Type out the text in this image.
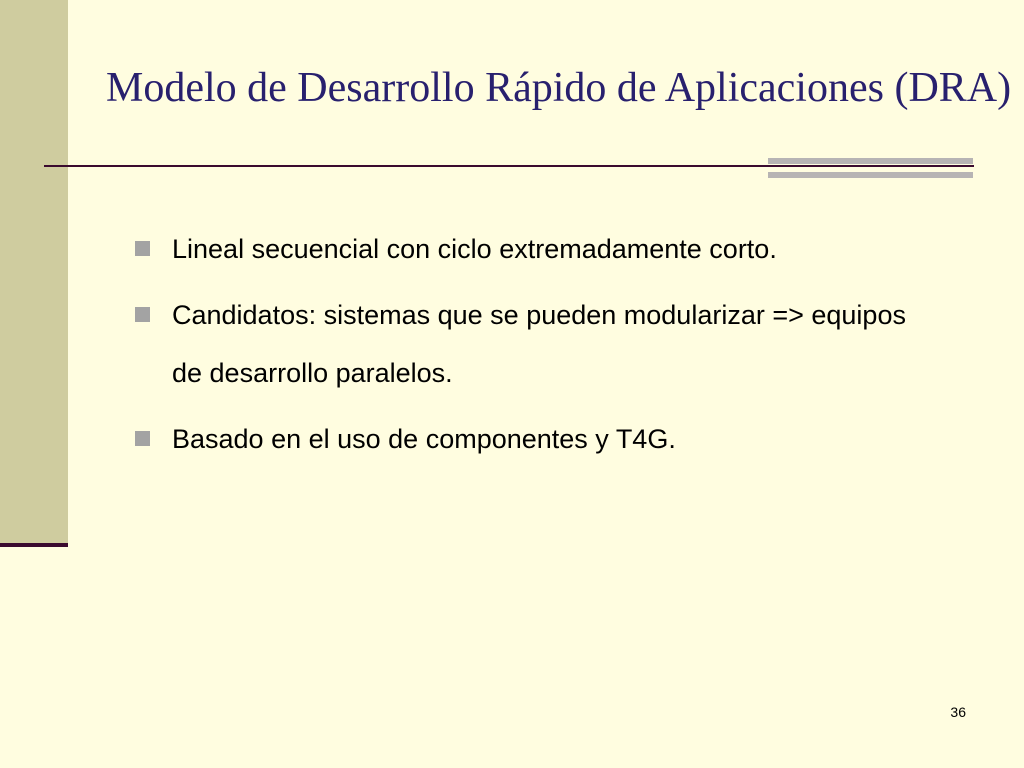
Modelo de Desarrollo Rápido de Aplicaciones (DRA)
Lineal secuencial con ciclo extremadamente corto.
Candidatos: sistemas que se pueden modularizar => equipos de desarrollo paralelos.
Basado en el uso de componentes y T4G.
36
